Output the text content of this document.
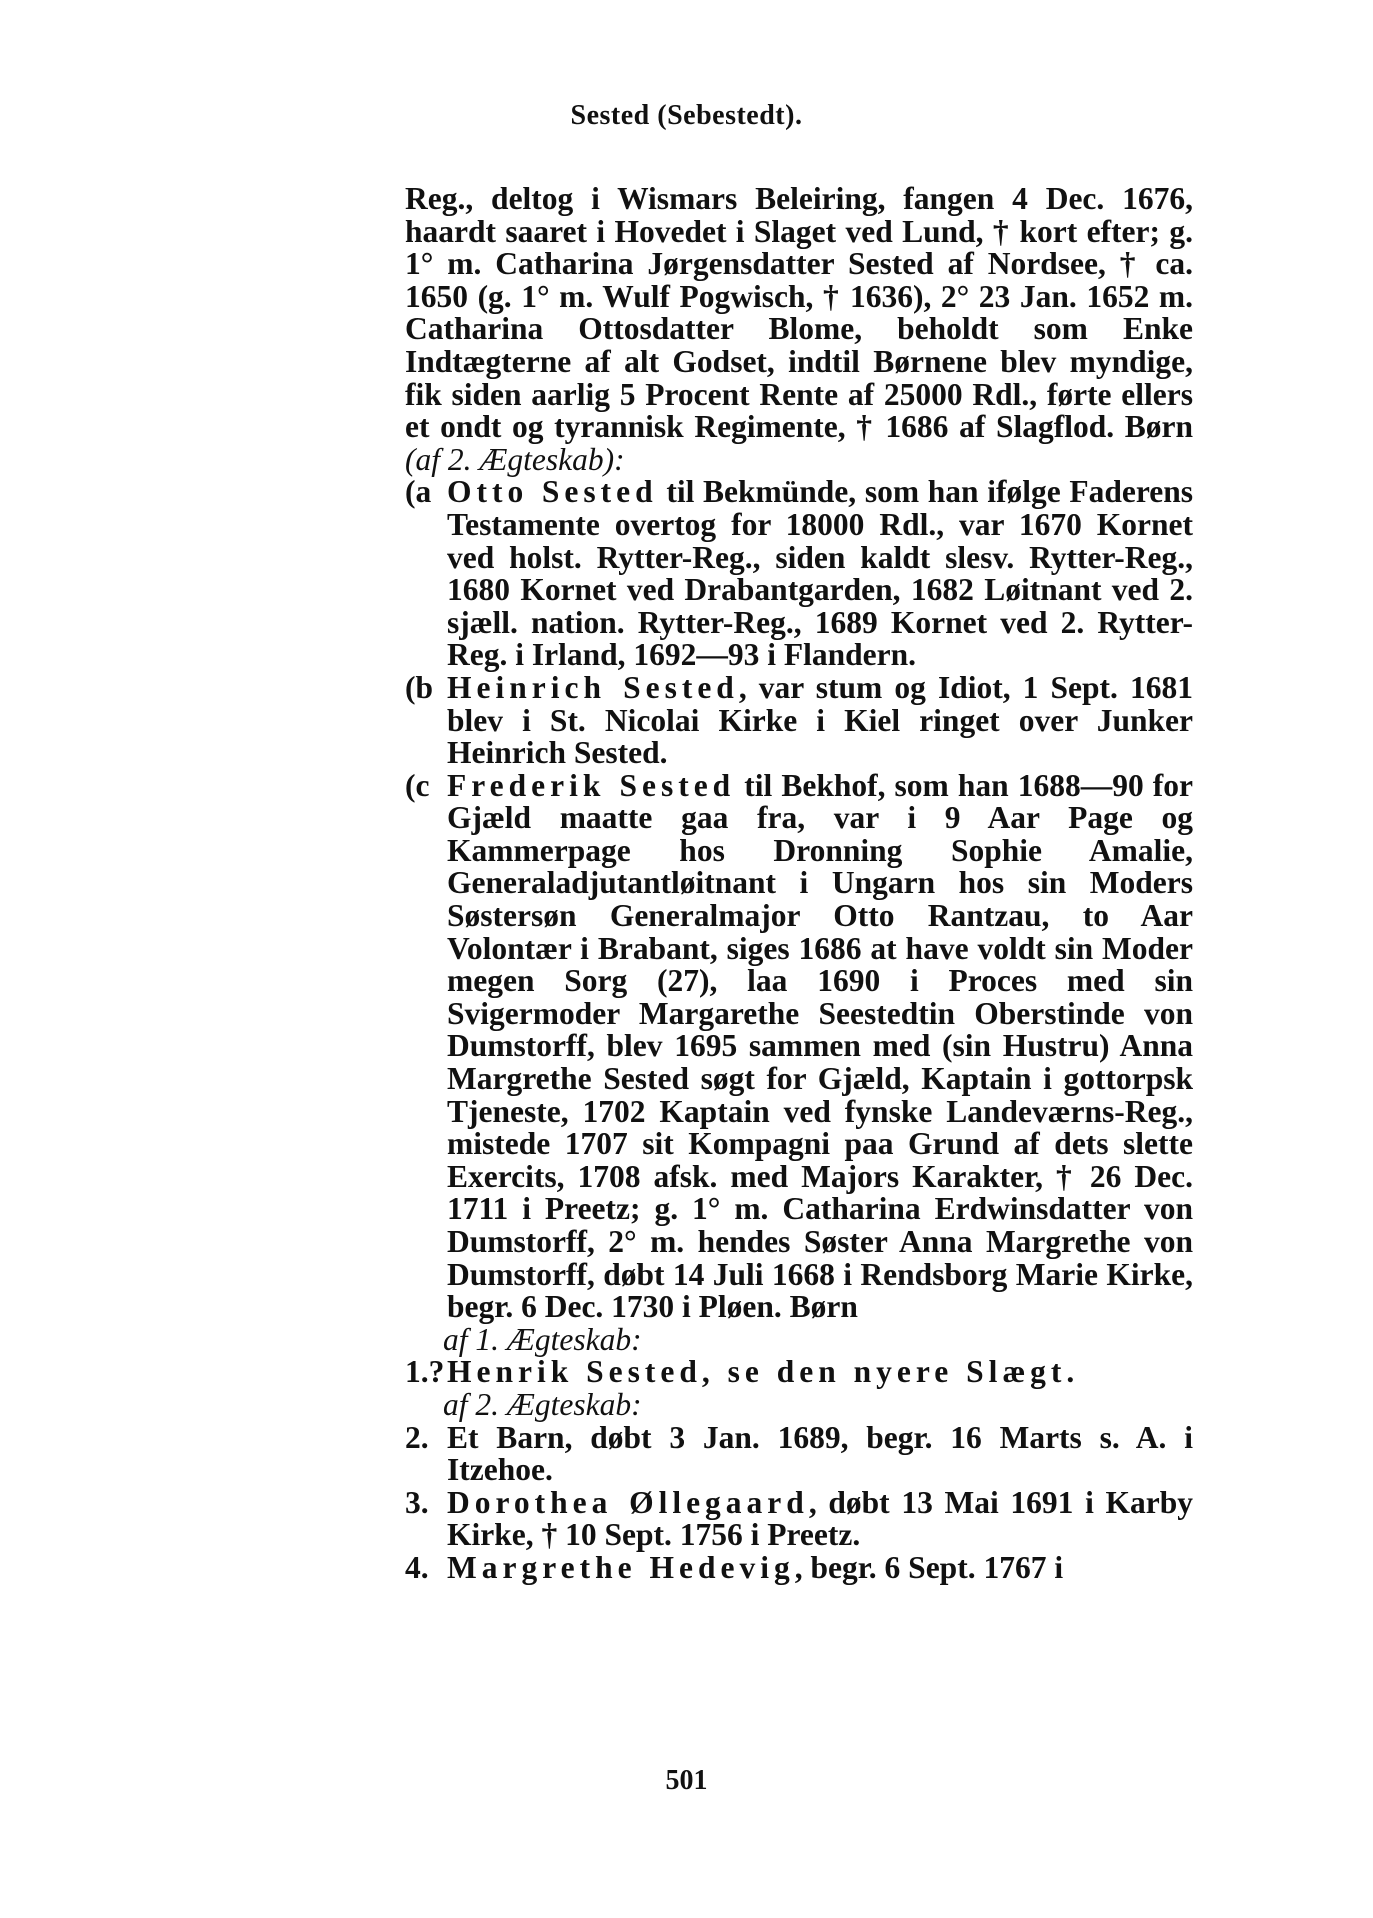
Sested (Sebestedt).

Reg., deltog i Wismars Beleiring, fangen 4 Dec. 1676, haardt saaret i Hovedet i Slaget ved Lund, † kort efter; g. 1° m. Catharina Jørgensdatter Sested af Nordsee, † ca. 1650 (g. 1° m. Wulf Pogwisch, † 1636), 2° 23 Jan. 1652 m. Catharina Ottosdatter Blome, beholdt som Enke Indtægterne af alt Godset, indtil Børnene blev myndige, fik siden aarlig 5 Procent Rente af 25000 Rdl., førte ellers et ondt og tyrannisk Regimente, † 1686 af Slagflod. Børn (af 2. Ægteskab):

(a Otto Sested til Bekmünde, som han ifølge Faderens Testamente overtog for 18000 Rdl., var 1670 Kornet ved holst. Rytter-Reg., siden kaldt slesv. Rytter-Reg., 1680 Kornet ved Drabantgarden, 1682 Løitnant ved 2. sjæll. nation. Rytter-Reg., 1689 Kornet ved 2. Rytter-Reg. i Irland, 1692—93 i Flandern.
(b Heinrich Sested, var stum og Idiot, 1 Sept. 1681 blev i St. Nicolai Kirke i Kiel ringet over Junker Heinrich Sested.
(c Frederik Sested til Bekhof, som han 1688—90 for Gjæld maatte gaa fra, var i 9 Aar Page og Kammerpage hos Dronning Sophie Amalie, Generaladjutantløitnant i Ungarn hos sin Moders Søstersøn Generalmajor Otto Rantzau, to Aar Volontær i Brabant, siges 1686 at have voldt sin Moder megen Sorg (27), laa 1690 i Proces med sin Svigermoder Margarethe Seestedtin Oberstinde von Dumstorff, blev 1695 sammen med (sin Hustru) Anna Margrethe Sested søgt for Gjæld, Kaptain i gottorpsk Tjeneste, 1702 Kaptain ved fynske Landeværns-Reg., mistede 1707 sit Kompagni paa Grund af dets slette Exercits, 1708 afsk. med Majors Karakter, † 26 Dec. 1711 i Preetz; g. 1° m. Catharina Erdwinsdatter von Dumstorff, 2° m. hendes Søster Anna Margrethe von Dumstorff, døbt 14 Juli 1668 i Rendsborg Marie Kirke, begr. 6 Dec. 1730 i Pløen. Børn
af 1. Ægteskab:
1.? Henrik Sested, se den nyere Slægt.
af 2. Ægteskab:
2. Et Barn, døbt 3 Jan. 1689, begr. 16 Marts s. A. i Itzehoe.
3. Dorothea Øllegaard, døbt 13 Mai 1691 i Karby Kirke, † 10 Sept. 1756 i Preetz.
4. Margrethe Hedevig, begr. 6 Sept. 1767 i
501
